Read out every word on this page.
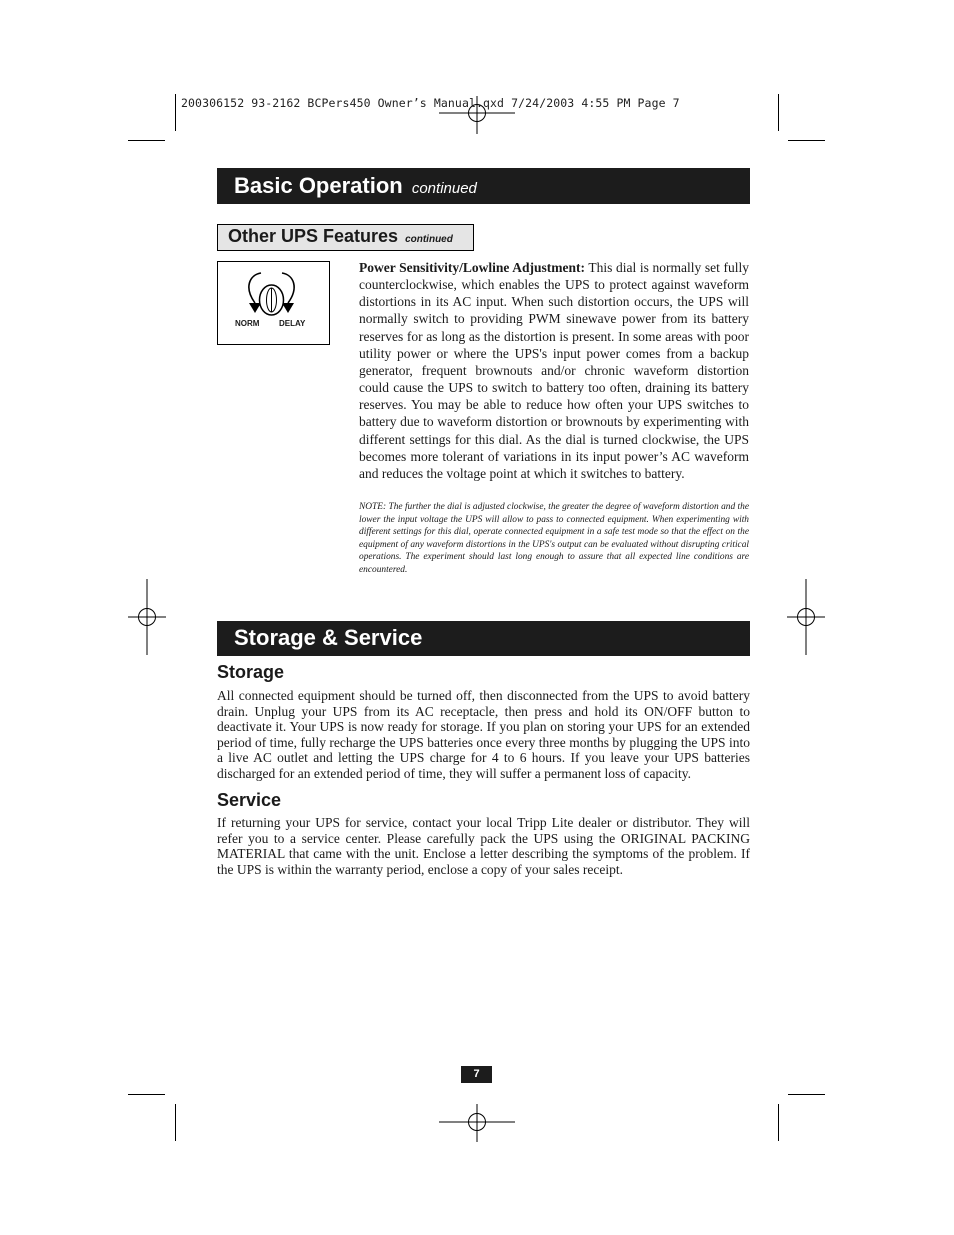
200306152 93-2162 BCPers450 Owner’s Manual.qxd 7/24/2003 4:55 PM Page 7
Basic Operation continued
Other UPS Features continued
NORM DELAY
Power Sensitivity/Lowline Adjustment: This dial is normally set fully counterclockwise, which enables the UPS to protect against waveform distortions in its AC input. When such distortion occurs, the UPS will normally switch to providing PWM sinewave power from its battery reserves for as long as the distortion is present. In some areas with poor utility power or where the UPS's input power comes from a backup generator, frequent brownouts and/or chronic waveform distortion could cause the UPS to switch to battery too often, draining its battery reserves. You may be able to reduce how often your UPS switches to battery due to waveform distortion or brownouts by experimenting with different settings for this dial. As the dial is turned clockwise, the UPS becomes more tolerant of variations in its input power’s AC waveform and reduces the voltage point at which it switches to battery.
NOTE: The further the dial is adjusted clockwise, the greater the degree of waveform distortion and the lower the input voltage the UPS will allow to pass to connected equipment. When experimenting with different settings for this dial, operate connected equipment in a safe test mode so that the effect on the equipment of any waveform distortions in the UPS's output can be evaluated without disrupting critical operations. The experiment should last long enough to assure that all expected line conditions are encountered.
Storage & Service
Storage
All connected equipment should be turned off, then disconnected from the UPS to avoid battery drain. Unplug your UPS from its AC receptacle, then press and hold its ON/OFF button to deactivate it. Your UPS is now ready for storage. If you plan on storing your UPS for an extended period of time, fully recharge the UPS batteries once every three months by plugging the UPS into a live AC outlet and letting the UPS charge for 4 to 6 hours. If you leave your UPS batteries discharged for an extended period of time, they will suffer a permanent loss of capacity.
Service
If returning your UPS for service, contact your local Tripp Lite dealer or distributor. They will refer you to a service center. Please carefully pack the UPS using the ORIGINAL PACKING MATERIAL that came with the unit. Enclose a letter describing the symptoms of the problem. If the UPS is within the warranty period, enclose a copy of your sales receipt.
7
